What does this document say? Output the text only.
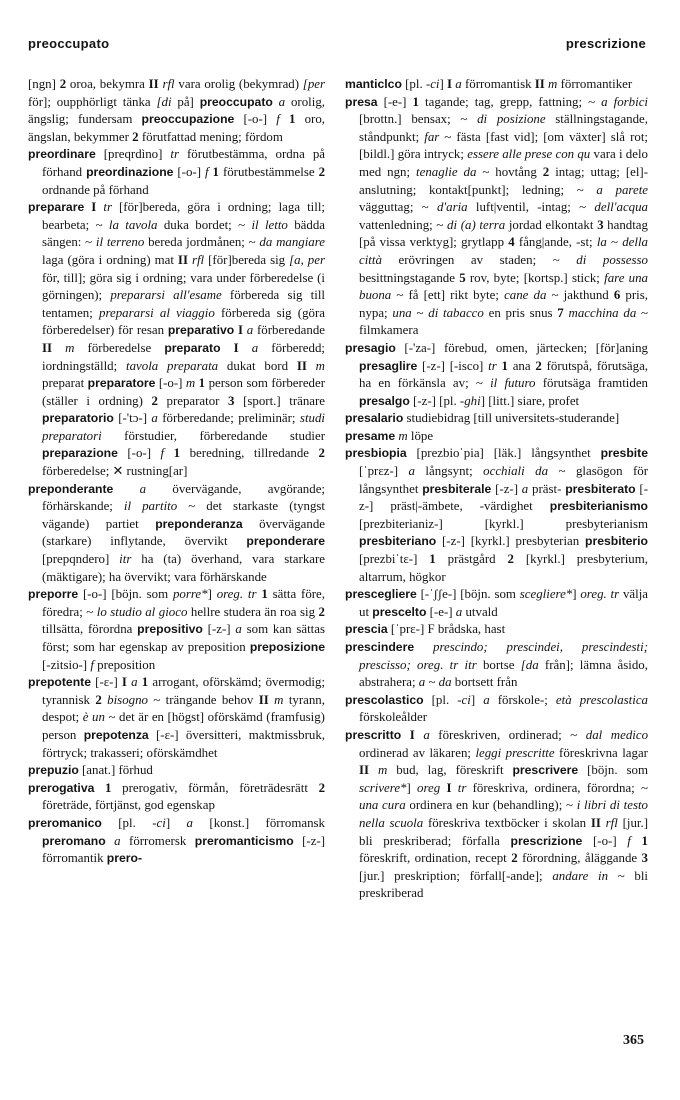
preoccupato	prescrizione

[ngn] 2 oroa, bekymra II rfl vara orolig (bekymrad) [per för]; oupphörligt tänka [di på] preoccupato a orolig, ängslig; fundersam preoccupazione [-o-] f 1 oro, ängslan, bekymmer 2 förutfattad mening; fördom

preordinare [preqrdìno] tr förutbestämma, ordna på förhand preordinazione [-o-] f 1 förutbestämmelse 2 ordnande på förhand

preparare I tr [för]bereda, göra i ordning; laga till; bearbeta; ~ la tavola duka bordet; ~ il letto bädda sängen: ~ il terreno bereda jordmånen; ~ da mangiare laga (göra i ordning) mat II rfl [för]bereda sig [a, per för, till]; göra sig i ordning; vara under förberedelse (i görningen); prepararsi all'esame förbereda sig till tentamen; prepararsi al viaggio förbereda sig (göra förberedelser) för resan preparativo I a förberedande II m förberedelse preparato I a förberedd; iordningställd; tavola preparata dukat bord II m preparat preparatore [-o-] m 1 person som förbereder (ställer i ordning) 2 preparator 3 [sport.] tränare preparatorio [-'tɔ-] a förberedande; preliminär; studi preparatori förstudier, förberedande studier preparazione [-o-] f 1 beredning, tillredande 2 förberedelse; ✕ rustning[ar]

preponderante a övervägande, avgörande; förhärskande; il partito ~ det starkaste (tyngst vägande) partiet preponderanza övervägande (starkare) inflytande, övervikt preponderare [prepqndero] itr ha (ta) överhand, vara starkare (mäktigare); ha övervikt; vara förhärskande

preporre [-o-] [böjn. som porre*] oreg. tr 1 sätta före, föredra; ~ lo studio al gioco hellre studera än roa sig 2 tillsätta, förordna prepositivo [-z-] a som kan sättas först; som har egenskap av preposition preposizione [-zitsio-] f preposition

prepotente [-ɛ-] I a 1 arrogant, oförskämd; övermodig; tyrannisk 2 bisogno ~ trängande behov II m tyrann, despot; è un ~ det är en [högst] oförskämd (framfusig) person prepotenza [-ɛ-] översitteri, maktmissbruk, förtryck; trakasseri; oförskämdhet

prepuzio [anat.] förhud

prerogativa 1 prerogativ, förmån, företrädesrätt 2 företräde, förtjänst, god egenskap

preromanico [pl. -ci] a [konst.] förromansk preromano a förromersk preromanticismo [-z-] förromantik prero-

manticlco [pl. -ci] I a förromantisk II m förromantiker

presa [-e-] 1 tagande; tag, grepp, fattning; ~ a forbici [brottn.] bensax; ~ di posizione ställningstagande, ståndpunkt; far ~ fästa [fast vid]; [om växter] slå rot; [bildl.] göra intryck; essere alle prese con qu vara i delo med ngn; tenaglie da ~ hovtång 2 intag; uttag; [el]-anslutning; kontakt[punkt]; ledning; ~ a parete vägguttag; ~ d'aria luft|ventil, -intag; ~ dell'acqua vattenledning; ~ di (a) terra jordad elkontakt 3 handtag [på vissa verktyg]; grytlapp 4 fång|ande, -st; la ~ della città erövringen av staden; ~ di possesso besittningstagande 5 rov, byte; [kortsp.] stick; fare una buona ~ få [ett] rikt byte; cane da ~ jakthund 6 pris, nypa; una ~ di tabacco en pris snus 7 macchina da ~ filmkamera

presagio [-'za-] förebud, omen, järtecken; [för]aning presaglire [-z-] [-isco] tr 1 ana 2 förutspå, förutsäga, ha en förkänsla av; ~ il futuro förutsäga framtiden presalgo [-z-] [pl. -ghi] [litt.] siare, profet

presalario studiebidrag [till universitets-studerande]

presame m löpe

presbiopia [prezbioˈpia] [läk.] långsynthet presbite [ˈprɛz-] a långsynt; occhiali da ~ glasögon för långsynthet presbiterale [-z-] a präst- presbiterato [-z-] präst|-ämbete, -värdighet presbiterianismo [prezbiterianiz-] [kyrkl.] presbyterianism presbiteriano [-z-] [kyrkl.] presbyterian presbiterio [prezbiˈtɛ-] 1 prästgård 2 [kyrkl.] presbyterium, altarrum, högkor

prescegliere [-ˈʃʃe-] [böjn. som scegliere*] oreg. tr välja ut prescelto [-e-] a utvald

prescia [ˈprɛ-] F brådska, hast

prescindere prescindo; prescindei, prescindesti; prescisso; oreg. tr itr bortse [da från]; lämna åsido, abstrahera; a ~ da bortsett från

prescolastico [pl. -ci] a förskole-; età prescolastica förskoleålder

prescritto I a föreskriven, ordinerad; ~ dal medico ordinerad av läkaren; leggi prescritte föreskrivna lagar II m bud, lag, föreskrift prescrivere [böjn. som scrivere*] oreg I tr föreskriva, ordinera, förordna; ~ una cura ordinera en kur (behandling); ~ i libri di testo nella scuola föreskriva textböcker i skolan II rfl [jur.] bli preskriberad; förfalla prescrizione [-o-] f 1 föreskrift, ordination, recept 2 förordning, åläggande 3 [jur.] preskription; förfall[-ande]; andare in ~ bli preskriberad

365
